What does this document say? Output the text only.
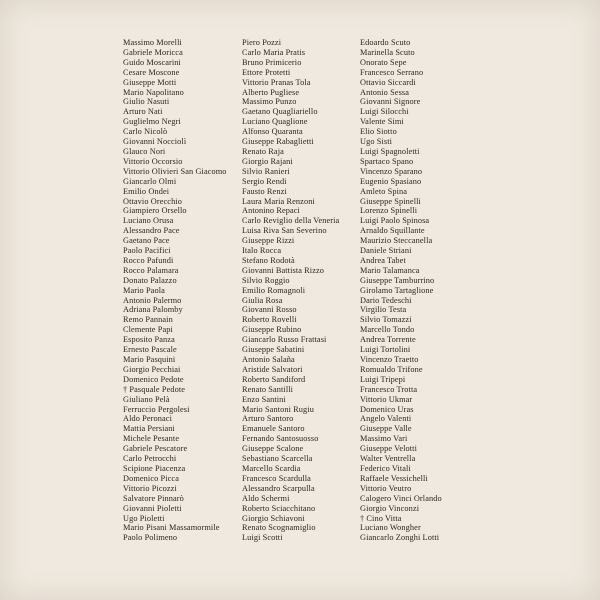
Massimo Morelli
Gabriele Moricca
Guido Moscarini
Cesare Moscone
Giuseppe Motti
Mario Napolitano
Giulio Nasuti
Arturo Nati
Guglielmo Negri
Carlo Nicolò
Giovanni Nocciolì
Glauco Nori
Vittorio Occorsio
Vittorio Olivieri San Giacomo
Giancarlo Olmi
Emilio Ondei
Ottavio Orecchio
Giampiero Orsello
Luciano Orusa
Alessandro Pace
Gaetano Pace
Paolo Pacifici
Rocco Pafundi
Rocco Palamara
Donato Palazzo
Mario Paola
Antonio Palermo
Adriana Palomby
Remo Pannain
Clemente Papi
Esposito Panza
Ernesto Pascale
Mario Pasquini
Giorgio Pecchiai
Domenico Pedote
† Pasquale Pedote
Giuliano Pelà
Ferruccio Pergolesi
Aldo Peronaci
Mattia Persiani
Michele Pesante
Gabriele Pescatore
Carlo Petrocchi
Scipione Piacenza
Domenico Picca
Vittorio Picozzi
Salvatore Pinnarò
Giovanni Pioletti
Ugo Pioletti
Mario Pisani Massamormile
Paolo Polimeno
Piero Pozzi
Carlo Maria Pratis
Bruno Primicerio
Ettore Protetti
Vittorio Pranas Tola
Alberto Pugliese
Massimo Punzo
Gaetano Quagliariello
Luciano Quaglione
Alfonso Quaranta
Giuseppe Rabaglietti
Renato Raja
Giorgio Rajani
Silvio Ranieri
Sergio Rendi
Fausto Renzi
Laura Maria Renzoni
Antonino Repaci
Carlo Reviglio della Veneria
Luisa Riva San Severino
Giuseppe Rizzi
Italo Rocca
Stefano Rodotà
Giovanni Battista Rizzo
Silvio Roggio
Emilio Romagnoli
Giulia Rosa
Giovanni Rosso
Roberto Rovelli
Giuseppe Rubino
Giancarlo Russo Frattasi
Giuseppe Sabatini
Antonio Salaña
Aristide Salvatori
Roberto Sandiford
Renato Santilli
Enzo Santini
Mario Santoni Rugiu
Arturo Santoro
Emanuele Santoro
Fernando Santosuosso
Giuseppe Scalone
Sebastiano Scarcella
Marcello Scardia
Francesco Scardulla
Alessandro Scarpulla
Aldo Schermi
Roberto Sciacchitano
Giorgio Schiavoni
Renato Scognamiglio
Luigi Scotti
Edoardo Scuto
Marinella Scuto
Onorato Sepe
Francesco Serrano
Ottavio Siccardi
Antonio Sessa
Giovanni Signore
Luigi Silocchi
Valente Simi
Elio Siotto
Ugo Sisti
Luigi Spagnoletti
Spartaco Spano
Vincenzo Sparano
Eugenio Spasiano
Amleto Spina
Giuseppe Spinelli
Lorenzo Spinelli
Luigi Paolo Spinosa
Arnaldo Squillante
Maurizio Steccanella
Daniele Striani
Andrea Tabet
Mario Talamanca
Giuseppe Tamburrino
Girolamo Tartaglione
Dario Tedeschi
Virgilio Testa
Silvio Tomazzi
Marcello Tondo
Andrea Torrente
Luigi Tortolini
Vincenzo Traetto
Romualdo Trifone
Luigi Tripepi
Francesco Trotta
Vittorio Ukmar
Domenico Uras
Angelo Valenti
Giuseppe Valle
Massimo Vari
Giuseppe Velotti
Walter Ventrella
Federico Vitali
Raffaele Vessichelli
Vittorio Veutro
Calogero Vinci Orlando
Giorgio Vinconzi
† Cino Vitta
Luciano Wongher
Giancarlo Zonghi Lotti
